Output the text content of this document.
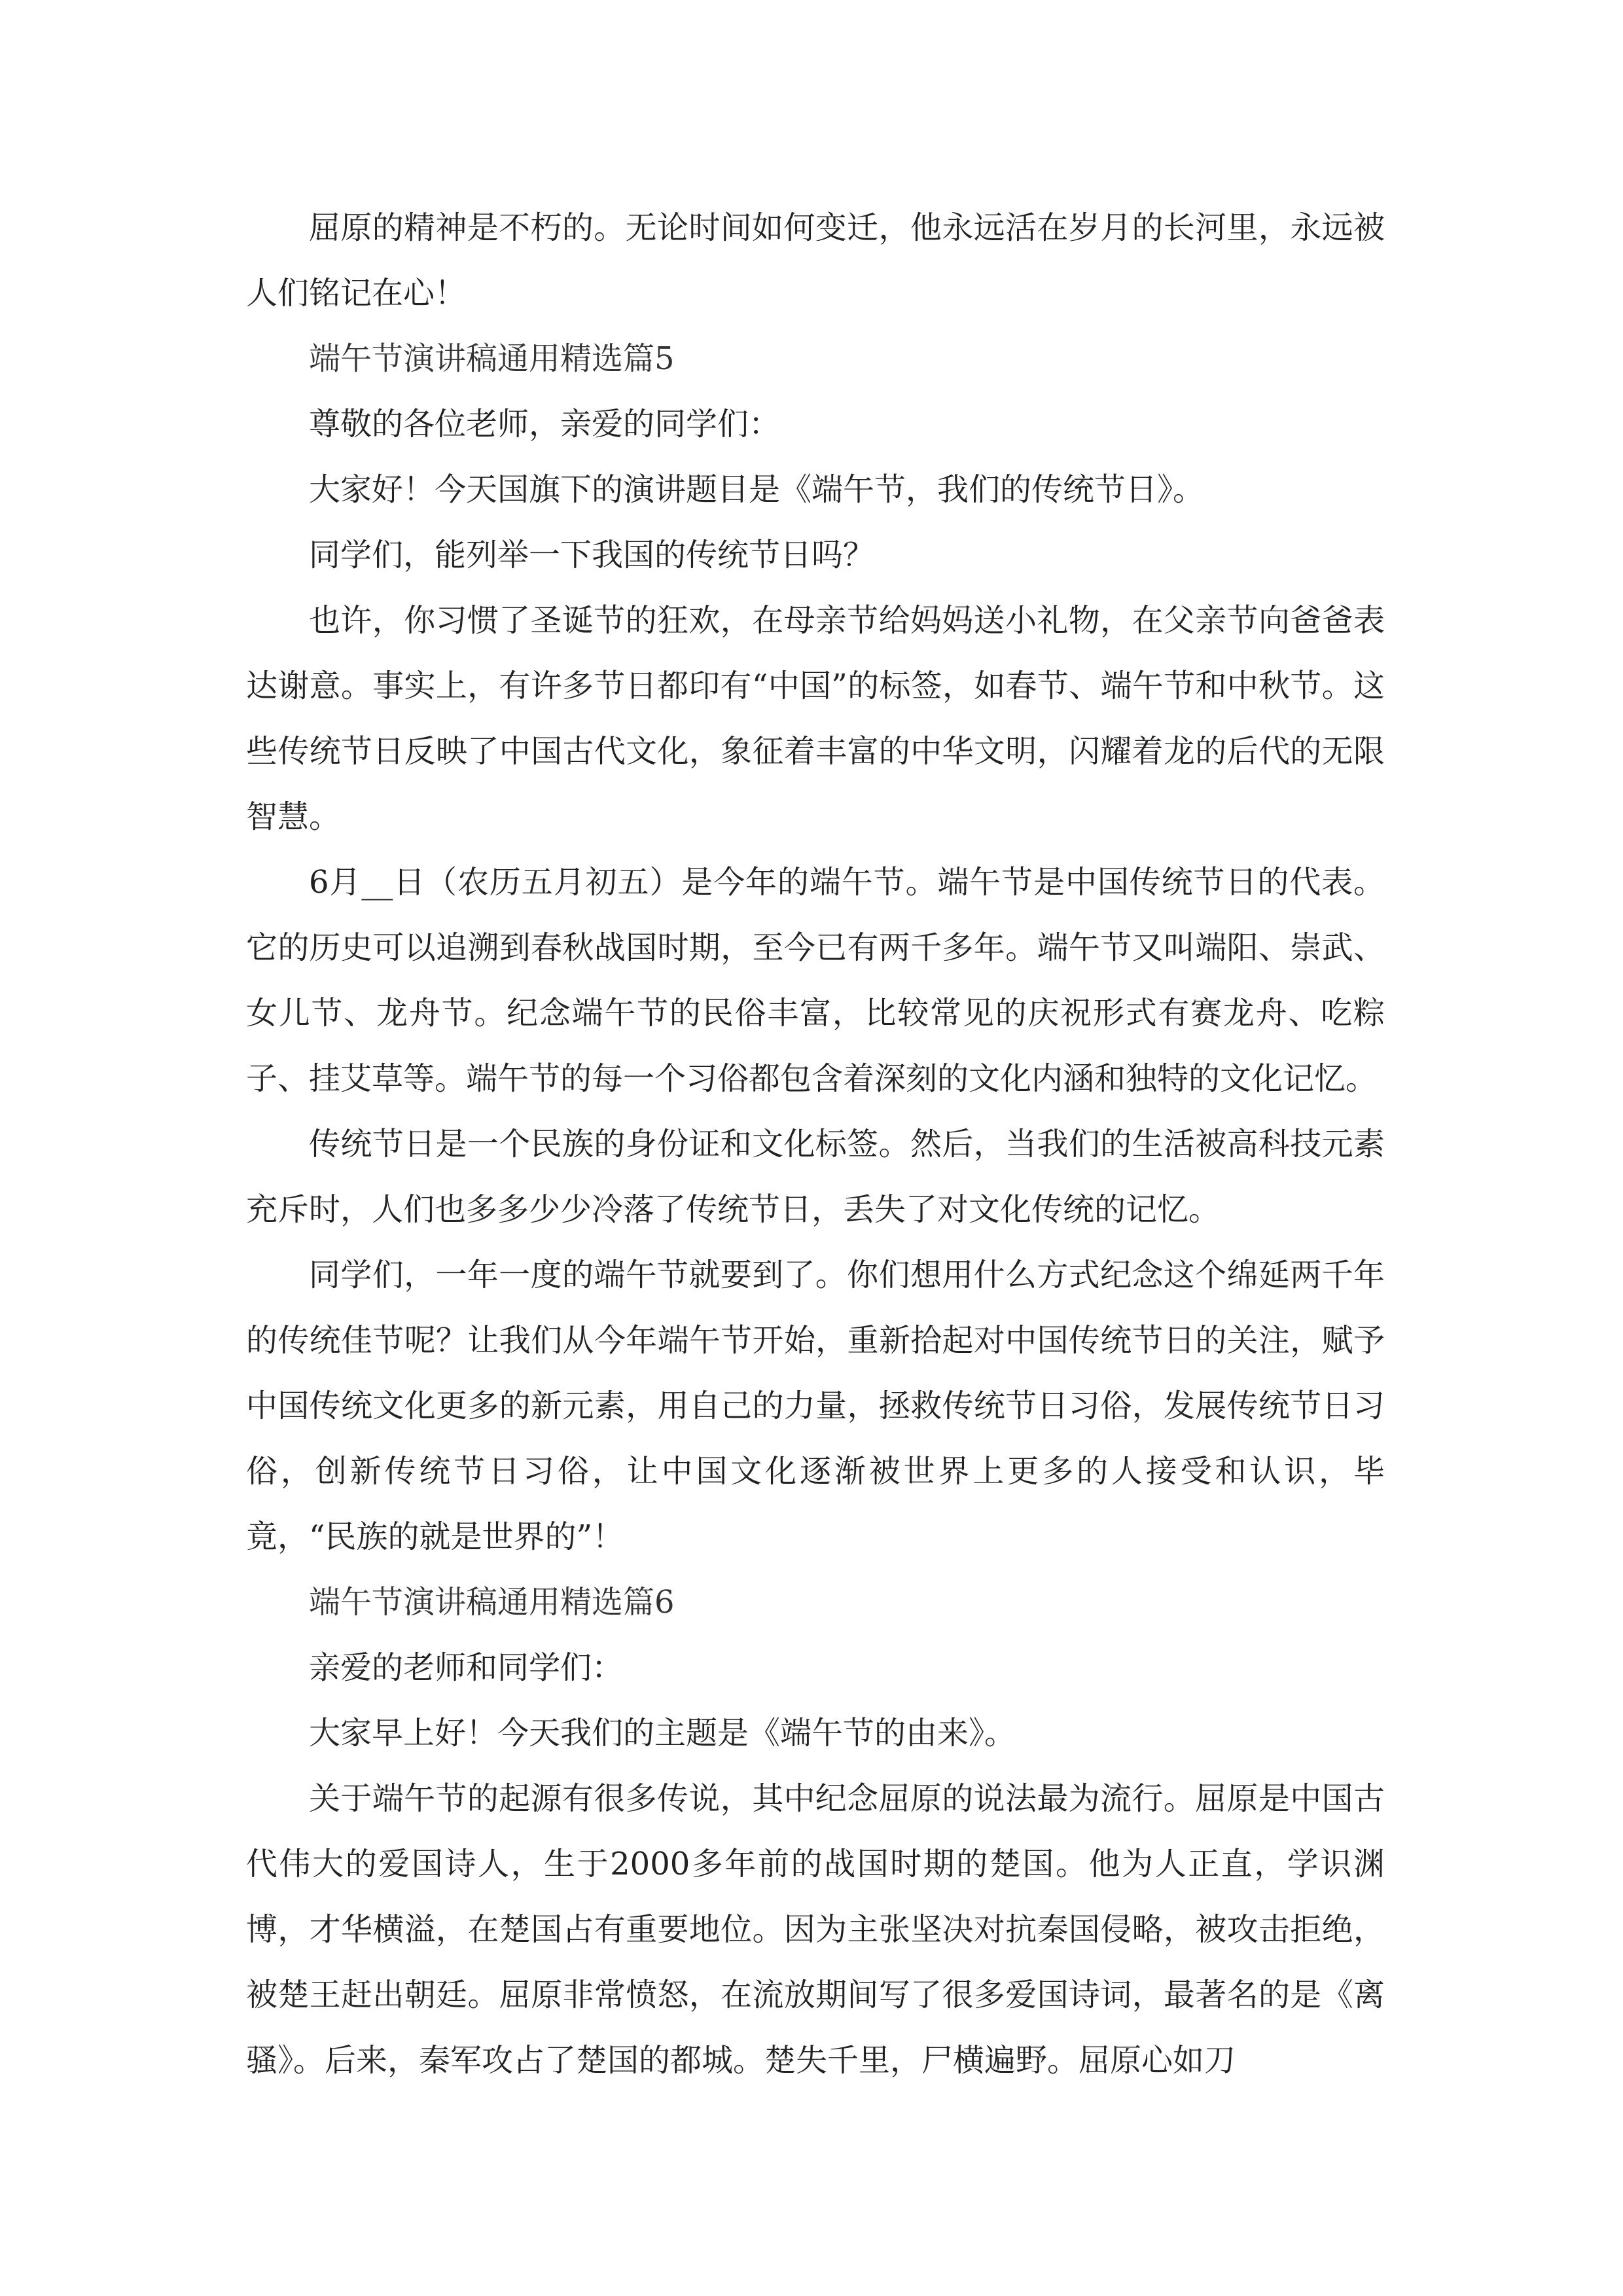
屈原的精神是不朽的。无论时间如何变迁，他永远活在岁月的长河里，永远被人们铭记在心！

端午节演讲稿通用精选篇5

尊敬的各位老师，亲爱的同学们：

大家好！今天国旗下的演讲题目是《端午节，我们的传统节日》。

同学们，能列举一下我国的传统节日吗？

也许，你习惯了圣诞节的狂欢，在母亲节给妈妈送小礼物，在父亲节向爸爸表达谢意。事实上，有许多节日都印有“中国”的标签，如春节、端午节和中秋节。这些传统节日反映了中国古代文化，象征着丰富的中华文明，闪耀着龙的后代的无限智慧。

6月__日（农历五月初五）是今年的端午节。端午节是中国传统节日的代表。它的历史可以追溯到春秋战国时期，至今已有两千多年。端午节又叫端阳、崇武、女儿节、龙舟节。纪念端午节的民俗丰富，比较常见的庆祝形式有赛龙舟、吃粽子、挂艾草等。端午节的每一个习俗都包含着深刻的文化内涵和独特的文化记忆。

传统节日是一个民族的身份证和文化标签。然后，当我们的生活被高科技元素充斥时，人们也多多少少冷落了传统节日，丢失了对文化传统的记忆。

同学们，一年一度的端午节就要到了。你们想用什么方式纪念这个绵延两千年的传统佳节呢？让我们从今年端午节开始，重新拾起对中国传统节日的关注，赋予中国传统文化更多的新元素，用自己的力量，拯救传统节日习俗，发展传统节日习俗，创新传统节日习俗，让中国文化逐渐被世界上更多的人接受和认识，毕竟，“民族的就是世界的”！

端午节演讲稿通用精选篇6

亲爱的老师和同学们：

大家早上好！今天我们的主题是《端午节的由来》。

关于端午节的起源有很多传说，其中纪念屈原的说法最为流行。屈原是中国古代伟大的爱国诗人，生于2000多年前的战国时期的楚国。他为人正直，学识渊博，才华横溢，在楚国占有重要地位。因为主张坚决对抗秦国侵略，被攻击拒绝，被楚王赶出朝廷。屈原非常愤怒，在流放期间写了很多爱国诗词，最著名的是《离骚》。后来，秦军攻占了楚国的都城。楚失千里，尸横遍野。屈原心如刀
